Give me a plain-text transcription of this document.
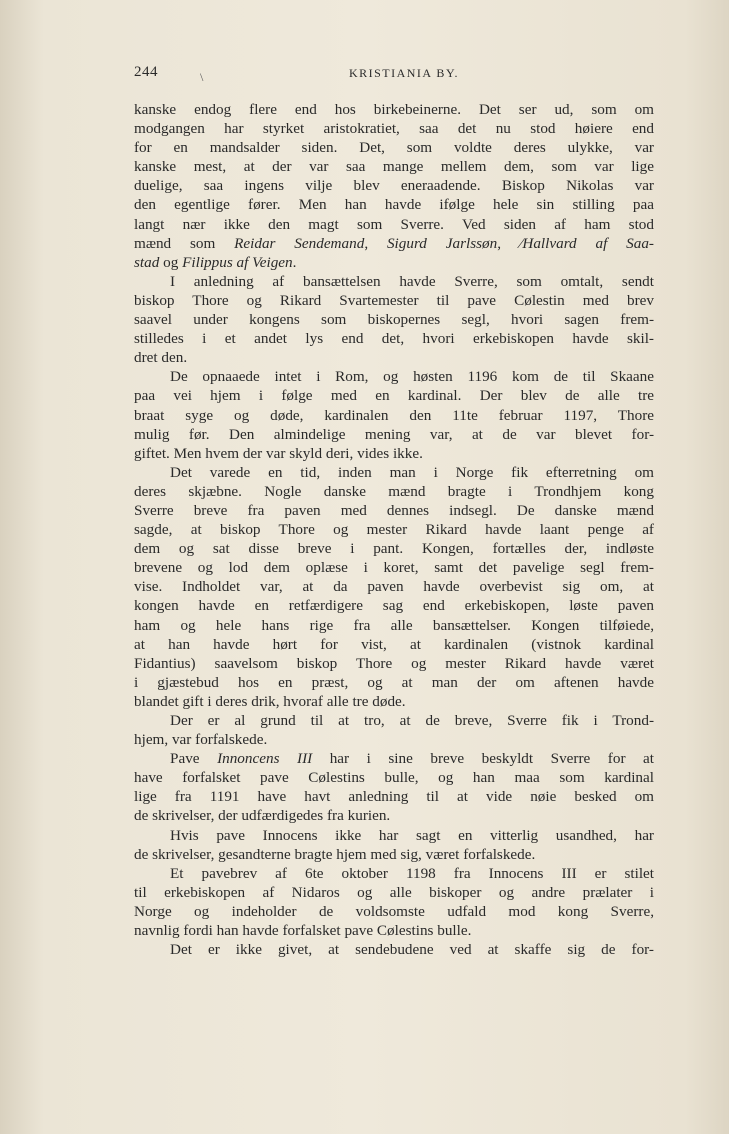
244	\	KRISTIANIA BY.
kanske endog flere end hos birkebeinerne. Det ser ud, som om
modgangen har styrket aristokratiet, saa det nu stod høiere end
for en mandsalder siden. Det, som voldte deres ulykke, var
kanske mest, at der var saa mange mellem dem, som var lige
duelige, saa ingens vilje blev eneraadende. Biskop Nikolas var
den egentlige fører. Men han havde ifølge hele sin stilling paa
langt nær ikke den magt som Sverre. Ved siden af ham stod
mænd som Reidar Sendemand, Sigurd Jarlssøn, ⁄Hallvard af Saa-
stad og Filippus af Veigen.
I anledning af bansættelsen havde Sverre, som omtalt, sendt
biskop Thore og Rikard Svartemester til pave Cølestin med brev
saavel under kongens som biskopernes segl, hvori sagen frem-
stilledes i et andet lys end det, hvori erkebiskopen havde skil-
dret den.
De opnaaede intet i Rom, og høsten 1196 kom de til Skaane
paa vei hjem i følge med en kardinal. Der blev de alle tre
braat syge og døde, kardinalen den 11te februar 1197, Thore
mulig før. Den almindelige mening var, at de var blevet for-
giftet. Men hvem der var skyld deri, vides ikke.
Det varede en tid, inden man i Norge fik efterretning om
deres skjæbne. Nogle danske mænd bragte i Trondhjem kong
Sverre breve fra paven med dennes indsegl. De danske mænd
sagde, at biskop Thore og mester Rikard havde laant penge af
dem og sat disse breve i pant. Kongen, fortælles der, indløste
brevene og lod dem oplæse i koret, samt det pavelige segl frem-
vise. Indholdet var, at da paven havde overbevist sig om, at
kongen havde en retfærdigere sag end erkebiskopen, løste paven
ham og hele hans rige fra alle bansættelser. Kongen tilføiede,
at han havde hørt for vist, at kardinalen (vistnok kardinal
Fidantius) saavelsom biskop Thore og mester Rikard havde været
i gjæstebud hos en præst, og at man der om aftenen havde
blandet gift i deres drik, hvoraf alle tre døde.
Der er al grund til at tro, at de breve, Sverre fik i Trond-
hjem, var forfalskede.
Pave Innoncens III har i sine breve beskyldt Sverre for at
have forfalsket pave Cølestins bulle, og han maa som kardinal
lige fra 1191 have havt anledning til at vide nøie besked om
de skrivelser, der udfærdigedes fra kurien.
Hvis pave Innocens ikke har sagt en vitterlig usandhed, har
de skrivelser, gesandterne bragte hjem med sig, været forfalskede.
Et pavebrev af 6te oktober 1198 fra Innocens III er stilet
til erkebiskopen af Nidaros og alle biskoper og andre prælater i
Norge og indeholder de voldsomste udfald mod kong Sverre,
navnlig fordi han havde forfalsket pave Cølestins bulle.
Det er ikke givet, at sendebudene ved at skaffe sig de for-
